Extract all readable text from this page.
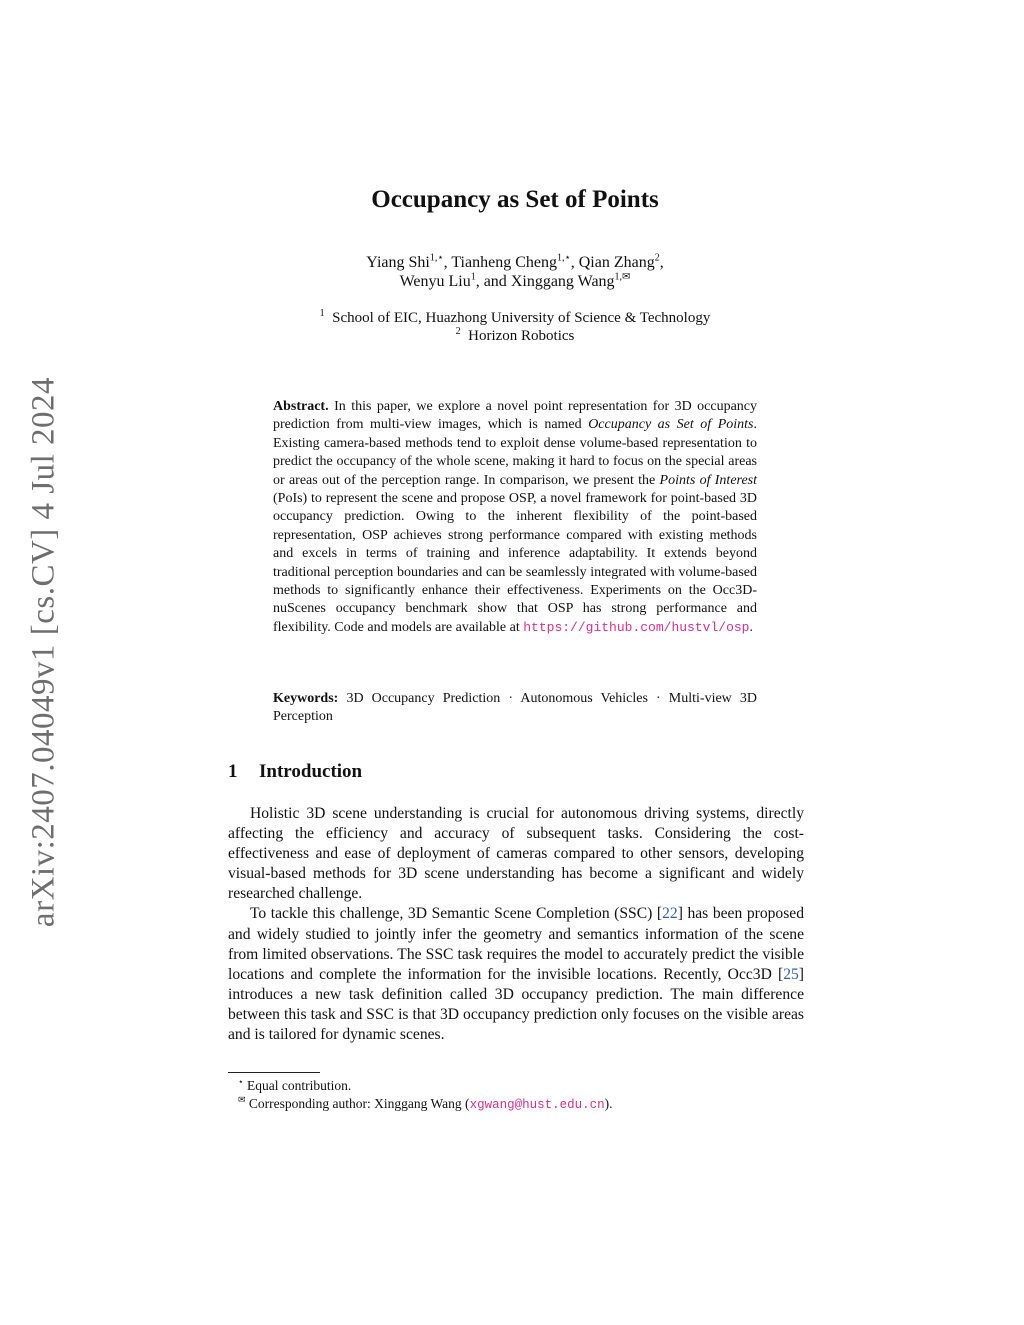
arXiv:2407.04049v1 [cs.CV] 4 Jul 2024
Occupancy as Set of Points
Yiang Shi$^{1,⋆}$, Tianheng Cheng$^{1,⋆}$, Qian Zhang$^2$,
Wenyu Liu$^1$, and Xinggang Wang$^{1,✉}$
$^1$ School of EIC, Huazhong University of Science & Technology
$^2$ Horizon Robotics
Abstract. In this paper, we explore a novel point representation for 3D occupancy prediction from multi-view images, which is named Occupancy as Set of Points. Existing camera-based methods tend to exploit dense volume-based representation to predict the occupancy of the whole scene, making it hard to focus on the special areas or areas out of the perception range. In comparison, we present the Points of Interest (PoIs) to represent the scene and propose OSP, a novel framework for point-based 3D occupancy prediction. Owing to the inherent flexibility of the point-based representation, OSP achieves strong performance compared with existing methods and excels in terms of training and inference adaptability. It extends beyond traditional perception boundaries and can be seamlessly integrated with volume-based methods to significantly enhance their effectiveness. Experiments on the Occ3D-nuScenes occupancy benchmark show that OSP has strong performance and flexibility. Code and models are available at https://github.com/hustvl/osp.
Keywords: 3D Occupancy Prediction · Autonomous Vehicles · Multi-view 3D Perception
1 Introduction

Holistic 3D scene understanding is crucial for autonomous driving systems, directly affecting the efficiency and accuracy of subsequent tasks. Considering the cost-effectiveness and ease of deployment of cameras compared to other sensors, developing visual-based methods for 3D scene understanding has become a significant and widely researched challenge.

To tackle this challenge, 3D Semantic Scene Completion (SSC) [22] has been proposed and widely studied to jointly infer the geometry and semantics information of the scene from limited observations. The SSC task requires the model to accurately predict the visible locations and complete the information for the invisible locations. Recently, Occ3D [25] introduces a new task definition called 3D occupancy prediction. The main difference between this task and SSC is that 3D occupancy prediction only focuses on the visible areas and is tailored for dynamic scenes.

⋆ Equal contribution.
✉ Corresponding author: Xinggang Wang (xgwang@hust.edu.cn).
